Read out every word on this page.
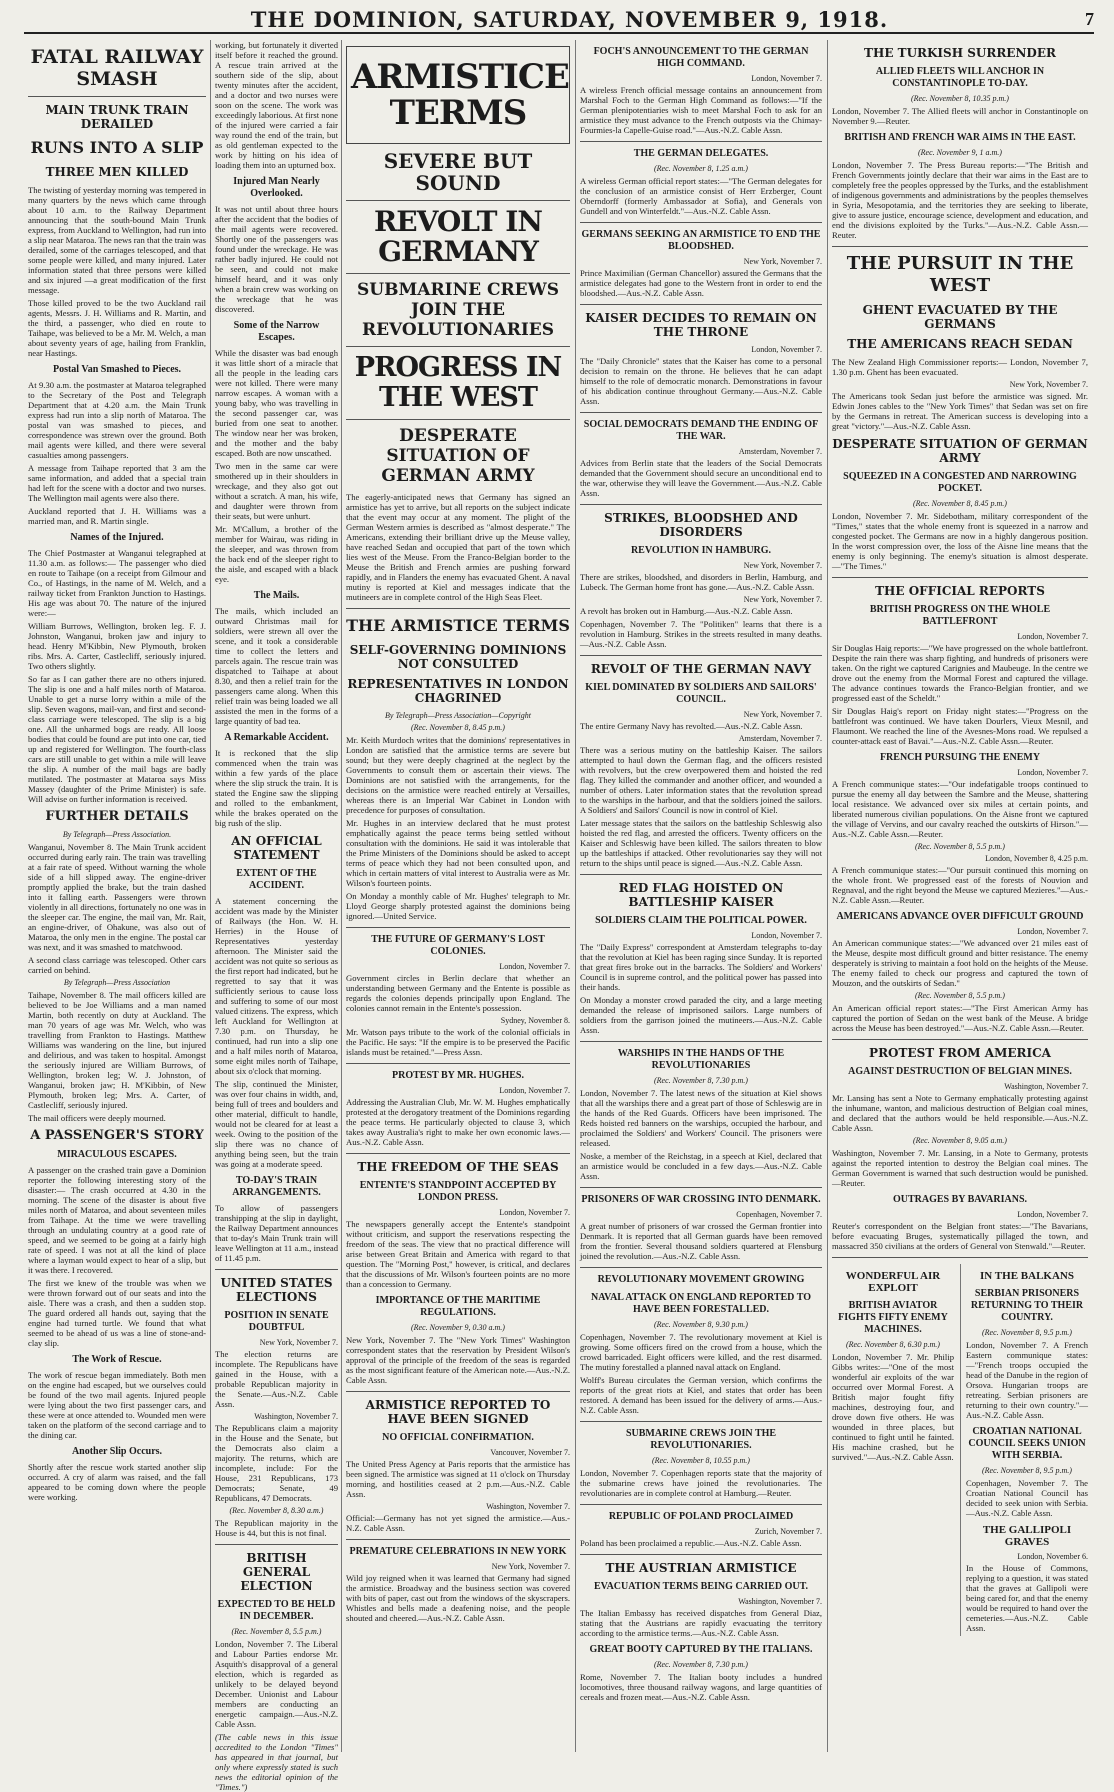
THE DOMINION, SATURDAY, NOVEMBER 9, 1918.	7
FATAL RAILWAY SMASH
MAIN TRUNK TRAIN DERAILED
RUNS INTO A SLIP
THREE MEN KILLED

The twisting of yesterday morning was tempered in many quarters by the news which came through about 10 a.m. to the Railway Department announcing that the south-bound Main Trunk express, from Auckland to Wellington, had run into a slip near Mataroa. The news ran that the train was derailed, some of the carriages telescoped, and that some people were killed, and many injured. Later information stated that three persons were killed and six injured —a great modification of the first message.

Those killed proved to be the two Auckland rail agents, Messrs. J. H. Williams and R. Martin, and the third, a passenger, who died en route to Taihape, was believed to be a Mr. M. Welch, a man about seventy years of age, hailing from Franklin, near Hastings.

Postal Van Smashed to Pieces.

At 9.30 a.m. the postmaster at Mataroa telegraphed to the Secretary of the Post and Telegraph Department that at 4.20 a.m. the Main Trunk express had run into a slip north of Mataroa. The postal van was smashed to pieces, and correspondence was strewn over the ground. Both mail agents were killed, and there were several casualties among passengers.

A message from Taihape reported that 3 am the same information, and added that a special train had left for the scene with a doctor and two nurses. The Wellington mail agents were also there.

Auckland reported that J. H. Williams was a married man, and R. Martin single.

Names of the Injured.

The Chief Postmaster at Wanganui telegraphed at 11.30 a.m. as follows:— The passenger who died en route to Taihape (on a receipt from Gilmour and Co., of Hastings, in the name of M. Welch, and a railway ticket from Frankton Junction to Hastings. His age was about 70. The nature of the injured were:—

William Burrows, Wellington, broken leg. F. J. Johnston, Wanganui, broken jaw and injury to head. Henry M'Kibbin, New Plymouth, broken ribs. Mrs. A. Carter, Castlecliff, seriously injured. Two others slightly.

So far as I can gather there are no others injured. The slip is one and a half miles north of Mataroa. Unable to get a nurse lorry within a mile of the slip. Seven wagons, mail-van, and first and second-class carriage were telescoped. The slip is a big one. All the unharmed bogs are ready. All loose bodies that could be found are put into one car, tied up and registered for Wellington. The fourth-class cars are still unable to get within a mile will leave the slip. A number of the mail bags are badly mutilated. The postmaster at Mataroa says Miss Massey (daughter of the Prime Minister) is safe. Will advise on further information is received.

FURTHER DETAILS
By Telegraph—Press Association.

Wanganui, November 8. The Main Trunk accident occurred during early rain. The train was travelling at a fair rate of speed. Without warning the whole side of a hill slipped away. The engine-driver promptly applied the brake, but the train dashed into it falling earth. Passengers were thrown violently in all directions, fortunately no one was in the sleeper car. The engine, the mail van, Mr. Rait, an engine-driver, of Ohakune, was also out of Mataroa, the only men in the engine. The postal car was next, and it was smashed to matchwood.

A second class carriage was telescoped. Other cars carried on behind.

By Telegraph—Press Association

Taihape, November 8. The mail officers killed are believed to be Joe Williams and a man named Martin, both recently on duty at Auckland. The man 70 years of age was Mr. Welch, who was travelling from Frankton to Hastings. Matthew Williams was wandering on the line, but injured and delirious, and was taken to hospital. Amongst the seriously injured are William Burrows, of Wellington, broken leg; W. J. Johnston, of Wanganui, broken jaw; H. M'Kibbin, of New Plymouth, broken leg; Mrs. A. Carter, of Castlecliff, seriously injured.

The mail officers were deeply mourned.

A PASSENGER'S STORY
MIRACULOUS ESCAPES.

A passenger on the crashed train gave a Dominion reporter the following interesting story of the disaster:— The crash occurred at 4.30 in the morning. The scene of the disaster is about five miles north of Mataroa, and about seventeen miles from Taihape. At the time we were travelling through an undulating country at a good rate of speed, and we seemed to be going at a fairly high rate of speed. I was not at all the kind of place where a layman would expect to hear of a slip, but it was there. I recovered.

The first we knew of the trouble was when we were thrown forward out of our seats and into the aisle. There was a crash, and then a sudden stop. The guard ordered all hands out, saying that the engine had turned turtle. We found that what seemed to be ahead of us was a line of stone-and-clay slip.

The Work of Rescue.

The work of rescue began immediately. Both men on the engine had escaped, but we ourselves could be found of the two mail agents. Injured people were lying about the two first passenger cars, and these were at once attended to. Wounded men were taken on the platform of the second carriage and to the dining car.

Another Slip Occurs.

Shortly after the rescue work started another slip occurred. A cry of alarm was raised, and the fall appeared to be coming down where the people were working.

working, but fortunately it diverted itself before it reached the ground. A rescue train arrived at the southern side of the slip, about twenty minutes after the accident, and a doctor and two nurses were soon on the scene. The work was exceedingly laborious. At first none of the injured were carried a fair way round the end of the train, but as old gentleman expected to the work by hitting on his idea of loading them into an upturned box.

Injured Man Nearly Overlooked.

It was not until about three hours after the accident that the bodies of the mail agents were recovered. Shortly one of the passengers was found under the wreckage. He was rather badly injured. He could not be seen, and could not make himself heard, and it was only when a brain crew was working on the wreckage that he was discovered.

Some of the Narrow Escapes.

While the disaster was bad enough it was little short of a miracle that all the people in the leading cars were not killed. There were many narrow escapes. A woman with a young baby, who was travelling in the second passenger car, was buried from one seat to another. The window near her was broken, and the mother and the baby escaped. Both are now unscathed.

Two men in the same car were smothered up in their shoulders in wreckage, and they also got out without a scratch. A man, his wife, and daughter were thrown from their seats, but were unhurt.

Mr. M'Callum, a brother of the member for Wairau, was riding in the sleeper, and was thrown from the back end of the sleeper right to the aisle, and escaped with a black eye.

The Mails.

The mails, which included an outward Christmas mail for soldiers, were strewn all over the scene, and it took a considerable time to collect the letters and parcels again. The rescue train was dispatched to Taihape at about 8.30, and then a relief train for the passengers came along. When this relief train was being loaded we all assisted the men in the forms of a large quantity of bad tea.

A Remarkable Accident.

It is reckoned that the slip commenced when the train was within a few yards of the place where the slip struck the train. It is stated the Engine saw the slipping and rolled to the embankment, while the brakes operated on the big rush of the slip.

AN OFFICIAL STATEMENT
EXTENT OF THE ACCIDENT.

A statement concerning the accident was made by the Minister of Railways (the Hon. W. H. Herries) in the House of Representatives yesterday afternoon. The Minister said the accident was not quite so serious as the first report had indicated, but he regretted to say that it was sufficiently serious to cause loss and suffering to some of our most valued citizens. The express, which left Auckland for Wellington at 7.30 p.m. on Thursday, he continued, had run into a slip one and a half miles north of Mataroa, some eight miles north of Taihape, about six o'clock that morning.

The slip, continued the Minister, was over four chains in width, and, being full of trees and boulders and other material, difficult to handle, would not be cleared for at least a week. Owing to the position of the slip there was no chance of anything being seen, but the train was going at a moderate speed.

TO-DAY'S TRAIN ARRANGEMENTS.

To allow of passengers transhipping at the slip in daylight, the Railway Department announces that to-day's Main Trunk train will leave Wellington at 11 a.m., instead of 11.45 p.m.

UNITED STATES ELECTIONS
POSITION IN SENATE DOUBTFUL
New York, November 7.

The election returns are incomplete. The Republicans have gained in the House, with a probable Republican majority in the Senate.—Aus.-N.Z. Cable Assn.

Washington, November 7.

The Republicans claim a majority in the House and the Senate, but the Democrats also claim a majority. The returns, which are incomplete, include: For the House, 231 Republicans, 173 Democrats; Senate, 49 Republicans, 47 Democrats.

(Rec. November 8, 8.30 a.m.)

The Republican majority in the House is 44, but this is not final.

BRITISH GENERAL ELECTION
EXPECTED TO BE HELD IN DECEMBER.
(Rec. November 8, 5.5 p.m.)

London, November 7. The Liberal and Labour Parties endorse Mr. Asquith's disapproval of a general election, which is regarded as unlikely to be delayed beyond December. Unionist and Labour members are conducting an energetic campaign.—Aus.-N.Z. Cable Assn.

(The cable news in this issue accredited to the London "Times" has appeared in that journal, but only where expressly stated is such news the editorial opinion of the "Times.")

ARMISTICE TERMS
SEVERE BUT SOUND
REVOLT IN GERMANY
SUBMARINE CREWS JOIN THE REVOLUTIONARIES
PROGRESS IN THE WEST
DESPERATE SITUATION OF GERMAN ARMY

The eagerly-anticipated news that Germany has signed an armistice has yet to arrive, but all reports on the subject indicate that the event may occur at any moment. The plight of the German Western armies is described as "almost desperate." The Americans, extending their brilliant drive up the Meuse valley, have reached Sedan and occupied that part of the town which lies west of the Meuse. From the Franco-Belgian border to the Meuse the British and French armies are pushing forward rapidly, and in Flanders the enemy has evacuated Ghent. A naval mutiny is reported at Kiel and messages indicate that the mutineers are in complete control of the High Seas Fleet.

THE ARMISTICE TERMS
SELF-GOVERNING DOMINIONS NOT CONSULTED
REPRESENTATIVES IN LONDON CHAGRINED
By Telegraph—Press Association—Copyright
(Rec. November 8, 8.45 p.m.)

Mr. Keith Murdoch writes that the dominions' representatives in London are satisfied that the armistice terms are severe but sound; but they were deeply chagrined at the neglect by the Governments to consult them or ascertain their views. The Dominions are not satisfied with the arrangements, for the decisions on the armistice were reached entirely at Versailles, whereas there is an Imperial War Cabinet in London with precedence for purposes of consultation.

Mr. Hughes in an interview declared that he must protest emphatically against the peace terms being settled without consultation with the dominions. He said it was intolerable that the Prime Ministers of the Dominions should be asked to accept terms of peace which they had not been consulted upon, and which in certain matters of vital interest to Australia were as Mr. Wilson's fourteen points.

On Monday a monthly cable of Mr. Hughes' telegraph to Mr. Lloyd George sharply protested against the dominions being ignored.—United Service.

THE FUTURE OF GERMANY'S LOST COLONIES.
London, November 7.

Government circles in Berlin declare that whether an understanding between Germany and the Entente is possible as regards the colonies depends principally upon England. The colonies cannot remain in the Entente's possession.

Sydney, November 8.

Mr. Watson pays tribute to the work of the colonial officials in the Pacific. He says: "If the empire is to be preserved the Pacific islands must be retained."—Press Assn.

PROTEST BY MR. HUGHES.
London, November 7.

Addressing the Australian Club, Mr. W. M. Hughes emphatically protested at the derogatory treatment of the Dominions regarding the peace terms. He particularly objected to clause 3, which takes away Australia's right to make her own economic laws.—Aus.-N.Z. Cable Assn.

THE FREEDOM OF THE SEAS
ENTENTE'S STANDPOINT ACCEPTED BY LONDON PRESS.
London, November 7.

The newspapers generally accept the Entente's standpoint without criticism, and support the reservations respecting the freedom of the seas. The view that no practical difference will arise between Great Britain and America with regard to that question. The "Morning Post," however, is critical, and declares that the discussions of Mr. Wilson's fourteen points are no more than a concession to Germany.

IMPORTANCE OF THE MARITIME REGULATIONS.
(Rec. November 9, 0.30 a.m.)

New York, November 7. The "New York Times" Washington correspondent states that the reservation by President Wilson's approval of the principle of the freedom of the seas is regarded as the most significant feature of the American note.—Aus.-N.Z. Cable Assn.

ARMISTICE REPORTED TO HAVE BEEN SIGNED
NO OFFICIAL CONFIRMATION.
Vancouver, November 7.

The United Press Agency at Paris reports that the armistice has been signed. The armistice was signed at 11 o'clock on Thursday morning, and hostilities ceased at 2 p.m.—Aus.-N.Z. Cable Assn.

Washington, November 7.

Official:—Germany has not yet signed the armistice.—Aus.-N.Z. Cable Assn.

PREMATURE CELEBRATIONS IN NEW YORK
New York, November 7.

Wild joy reigned when it was learned that Germany had signed the armistice. Broadway and the business section was covered with bits of paper, cast out from the windows of the skyscrapers. Whistles and bells made a deafening noise, and the people shouted and cheered.—Aus.-N.Z. Cable Assn.

FOCH'S ANNOUNCEMENT TO THE GERMAN HIGH COMMAND.
London, November 7.

A wireless French official message contains an announcement from Marshal Foch to the German High Command as follows:—"If the German plenipotentiaries wish to meet Marshal Foch to ask for an armistice they must advance to the French outposts via the Chimay-Fourmies-la Capelle-Guise road."—Aus.-N.Z. Cable Assn.

THE GERMAN DELEGATES.
(Rec. November 8, 1.25 a.m.)

A wireless German official report states:—"The German delegates for the conclusion of an armistice consist of Herr Erzberger, Count Oberndorff (formerly Ambassador at Sofia), and Generals von Gundell and von Winterfeldt."—Aus.-N.Z. Cable Assn.

GERMANS SEEKING AN ARMISTICE TO END THE BLOODSHED.
New York, November 7.

Prince Maximilian (German Chancellor) assured the Germans that the armistice delegates had gone to the Western front in order to end the bloodshed.—Aus.-N.Z. Cable Assn.

KAISER DECIDES TO REMAIN ON THE THRONE
London, November 7.

The "Daily Chronicle" states that the Kaiser has come to a personal decision to remain on the throne. He believes that he can adapt himself to the role of democratic monarch. Demonstrations in favour of his abdication continue throughout Germany.—Aus.-N.Z. Cable Assn.

SOCIAL DEMOCRATS DEMAND THE ENDING OF THE WAR.
Amsterdam, November 7.

Advices from Berlin state that the leaders of the Social Democrats demanded that the Government should secure an unconditional end to the war, otherwise they will leave the Government.—Aus.-N.Z. Cable Assn.

STRIKES, BLOODSHED AND DISORDERS
REVOLUTION IN HAMBURG.
New York, November 7.

There are strikes, bloodshed, and disorders in Berlin, Hamburg, and Lubeck. The German home front has gone.—Aus.-N.Z. Cable Assn.

New York, November 7.

A revolt has broken out in Hamburg.—Aus.-N.Z. Cable Assn.

Copenhagen, November 7. The "Politiken" learns that there is a revolution in Hamburg. Strikes in the streets resulted in many deaths.—Aus.-N.Z. Cable Assn.

REVOLT OF THE GERMAN NAVY
KIEL DOMINATED BY SOLDIERS AND SAILORS' COUNCIL.
New York, November 7.

The entire Germany Navy has revolted.—Aus.-N.Z. Cable Assn.

Amsterdam, November 7.

There was a serious mutiny on the battleship Kaiser. The sailors attempted to haul down the German flag, and the officers resisted with revolvers, but the crew overpowered them and hoisted the red flag. They killed the commander and another officer, and wounded a number of others. Later information states that the revolution spread to the warships in the harbour, and that the soldiers joined the sailors. A Soldiers' and Sailors' Council is now in control of Kiel.

Later message states that the sailors on the battleship Schleswig also hoisted the red flag, and arrested the officers. Twenty officers on the Kaiser and Schleswig have been killed. The sailors threaten to blow up the battleships if attacked. Other revolutionaries say they will not return to the ships until peace is signed.—Aus.-N.Z. Cable Assn.

RED FLAG HOISTED ON BATTLESHIP KAISER
SOLDIERS CLAIM THE POLITICAL POWER.
London, November 7.

The "Daily Express" correspondent at Amsterdam telegraphs to-day that the revolution at Kiel has been raging since Sunday. It is reported that great fires broke out in the barracks. The Soldiers' and Workers' Council is in supreme control, and the political power has passed into their hands.

On Monday a monster crowd paraded the city, and a large meeting demanded the release of imprisoned sailors. Large numbers of soldiers from the garrison joined the mutineers.—Aus.-N.Z. Cable Assn.

WARSHIPS IN THE HANDS OF THE REVOLUTIONARIES
(Rec. November 8, 7.30 p.m.)

London, November 7. The latest news of the situation at Kiel shows that all the warships there and a great part of those of Schleswig are in the hands of the Red Guards. Officers have been imprisoned. The Reds hoisted red banners on the warships, occupied the harbour, and proclaimed the Soldiers' and Workers' Council. The prisoners were released.

Noske, a member of the Reichstag, in a speech at Kiel, declared that an armistice would be concluded in a few days.—Aus.-N.Z. Cable Assn.

PRISONERS OF WAR CROSSING INTO DENMARK.
Copenhagen, November 7.

A great number of prisoners of war crossed the German frontier into Denmark. It is reported that all German guards have been removed from the frontier. Several thousand soldiers quartered at Flensburg joined the revolution.—Aus.-N.Z. Cable Assn.

REVOLUTIONARY MOVEMENT GROWING
NAVAL ATTACK ON ENGLAND REPORTED TO HAVE BEEN FORESTALLED.
(Rec. November 8, 9.30 p.m.)

Copenhagen, November 7. The revolutionary movement at Kiel is growing. Some officers fired on the crowd from a house, which the crowd barricaded. Eight officers were killed, and the rest disarmed. The mutiny forestalled a planned naval attack on England.

Wolff's Bureau circulates the German version, which confirms the reports of the great riots at Kiel, and states that order has been restored. A demand has been issued for the delivery of arms.—Aus.-N.Z. Cable Assn.

SUBMARINE CREWS JOIN THE REVOLUTIONARIES.
(Rec. November 8, 10.55 p.m.)

London, November 7. Copenhagen reports state that the majority of the submarine crews have joined the revolutionaries. The revolutionaries are in complete control at Hamburg.—Reuter.

REPUBLIC OF POLAND PROCLAIMED
Zurich, November 7.

Poland has been proclaimed a republic.—Aus.-N.Z. Cable Assn.

THE AUSTRIAN ARMISTICE
EVACUATION TERMS BEING CARRIED OUT.
Washington, November 7.

The Italian Embassy has received dispatches from General Diaz, stating that the Austrians are rapidly evacuating the territory according to the armistice terms.—Aus.-N.Z. Cable Assn.

GREAT BOOTY CAPTURED BY THE ITALIANS.
(Rec. November 8, 7.30 p.m.)

Rome, November 7. The Italian booty includes a hundred locomotives, three thousand railway wagons, and large quantities of cereals and frozen meat.—Aus.-N.Z. Cable Assn.

THE TURKISH SURRENDER
ALLIED FLEETS WILL ANCHOR IN CONSTANTINOPLE TO-DAY.
(Rec. November 8, 10.35 p.m.)

London, November 7. The Allied fleets will anchor in Constantinople on November 9.—Reuter.

BRITISH AND FRENCH WAR AIMS IN THE EAST.
(Rec. November 9, 1 a.m.)

London, November 7. The Press Bureau reports:—"The British and French Governments jointly declare that their war aims in the East are to completely free the peoples oppressed by the Turks, and the establishment of indigenous governments and administrations by the peoples themselves in Syria, Mesopotamia, and the territories they are seeking to liberate, give to assure justice, encourage science, development and education, and end the divisions exploited by the Turks."—Aus.-N.Z. Cable Assn.—Reuter.

THE PURSUIT IN THE WEST
GHENT EVACUATED BY THE GERMANS
THE AMERICANS REACH SEDAN

The New Zealand High Commissioner reports:— London, November 7, 1.30 p.m. Ghent has been evacuated.

New York, November 7.

The Americans took Sedan just before the armistice was signed. Mr. Edwin Jones cables to the "New York Times" that Sedan was set on fire by the Germans in retreat. The American success is developing into a great "victory."—Aus.-N.Z. Cable Assn.

DESPERATE SITUATION OF GERMAN ARMY
SQUEEZED IN A CONGESTED AND NARROWING POCKET.
(Rec. November 8, 8.45 p.m.)

London, November 7. Mr. Sidebotham, military correspondent of the "Times," states that the whole enemy front is squeezed in a narrow and congested pocket. The Germans are now in a highly dangerous position. In the worst compression over, the loss of the Aisne line means that the enemy is only beginning. The enemy's situation is almost desperate.—"The Times."

THE OFFICIAL REPORTS
BRITISH PROGRESS ON THE WHOLE BATTLEFRONT
London, November 7.

Sir Douglas Haig reports:—"We have progressed on the whole battlefront. Despite the rain there was sharp fighting, and hundreds of prisoners were taken. On the right we captured Carignies and Maubeuge. In the centre we drove out the enemy from the Mormal Forest and captured the village. The advance continues towards the Franco-Belgian frontier, and we progressed east of the Scheldt."

Sir Douglas Haig's report on Friday night states:—"Progress on the battlefront was continued. We have taken Dourlers, Vieux Mesnil, and Flaumont. We reached the line of the Avesnes-Mons road. We repulsed a counter-attack east of Bavai."—Aus.-N.Z. Cable Assn.—Reuter.

FRENCH PURSUING THE ENEMY
London, November 7.

A French communique states:—"Our indefatigable troops continued to pursue the enemy all day between the Sambre and the Meuse, shattering local resistance. We advanced over six miles at certain points, and liberated numerous civilian populations. On the Aisne front we captured the village of Vervins, and our cavalry reached the outskirts of Hirson."—Aus.-N.Z. Cable Assn.—Reuter.

(Rec. November 8, 5.5 p.m.)
London, November 8, 4.25 p.m.

A French communique states:—"Our pursuit continued this morning on the whole front. We progressed east of the forests of Nouvion and Regnaval, and the right beyond the Meuse we captured Mezieres."—Aus.-N.Z. Cable Assn.—Reuter.

AMERICANS ADVANCE OVER DIFFICULT GROUND
London, November 7.

An American communique states:—"We advanced over 21 miles east of the Meuse, despite most difficult ground and bitter resistance. The enemy desperately is striving to maintain a foot hold on the heights of the Meuse. The enemy failed to check our progress and captured the town of Mouzon, and the outskirts of Sedan."

(Rec. November 8, 5.5 p.m.)

An American official report states:—"The First American Army has captured the portion of Sedan on the west bank of the Meuse. A bridge across the Meuse has been destroyed."—Aus.-N.Z. Cable Assn.—Reuter.

PROTEST FROM AMERICA
AGAINST DESTRUCTION OF BELGIAN MINES.
Washington, November 7.

Mr. Lansing has sent a Note to Germany emphatically protesting against the inhumane, wanton, and malicious destruction of Belgian coal mines, and declared that the authors would be held responsible.—Aus.-N.Z. Cable Assn.

(Rec. November 8, 9.05 a.m.)

Washington, November 7. Mr. Lansing, in a Note to Germany, protests against the reported intention to destroy the Belgian coal mines. The German Government is warned that such destruction would be punished.—Reuter.

OUTRAGES BY BAVARIANS.
London, November 7.

Reuter's correspondent on the Belgian front states:—"The Bavarians, before evacuating Bruges, systematically pillaged the town, and massacred 350 civilians at the orders of General von Stenwald."—Reuter.

WONDERFUL AIR EXPLOIT
BRITISH AVIATOR FIGHTS FIFTY ENEMY MACHINES.
(Rec. November 8, 6.30 p.m.)

London, November 7. Mr. Philip Gibbs writes:—"One of the most wonderful air exploits of the war occurred over Mormal Forest. A British major fought fifty machines, destroying four, and drove down five others. He was wounded in three places, but continued to fight until he fainted. His machine crashed, but he survived."—Aus.-N.Z. Cable Assn.

IN THE BALKANS
SERBIAN PRISONERS RETURNING TO THEIR COUNTRY.
(Rec. November 8, 9.5 p.m.)

London, November 7. A French Eastern communique states:—"French troops occupied the head of the Danube in the region of Orsova. Hungarian troops are retreating. Serbian prisoners are returning to their own country."—Aus.-N.Z. Cable Assn.

CROATIAN NATIONAL COUNCIL SEEKS UNION WITH SERBIA.
(Rec. November 8, 9.5 p.m.)

Copenhagen, November 7. The Croatian National Council has decided to seek union with Serbia.—Aus.-N.Z. Cable Assn.

THE GALLIPOLI GRAVES
London, November 6.

In the House of Commons, replying to a question, it was stated that the graves at Gallipoli were being cared for, and that the enemy would be required to hand over the cemeteries.—Aus.-N.Z. Cable Assn.
